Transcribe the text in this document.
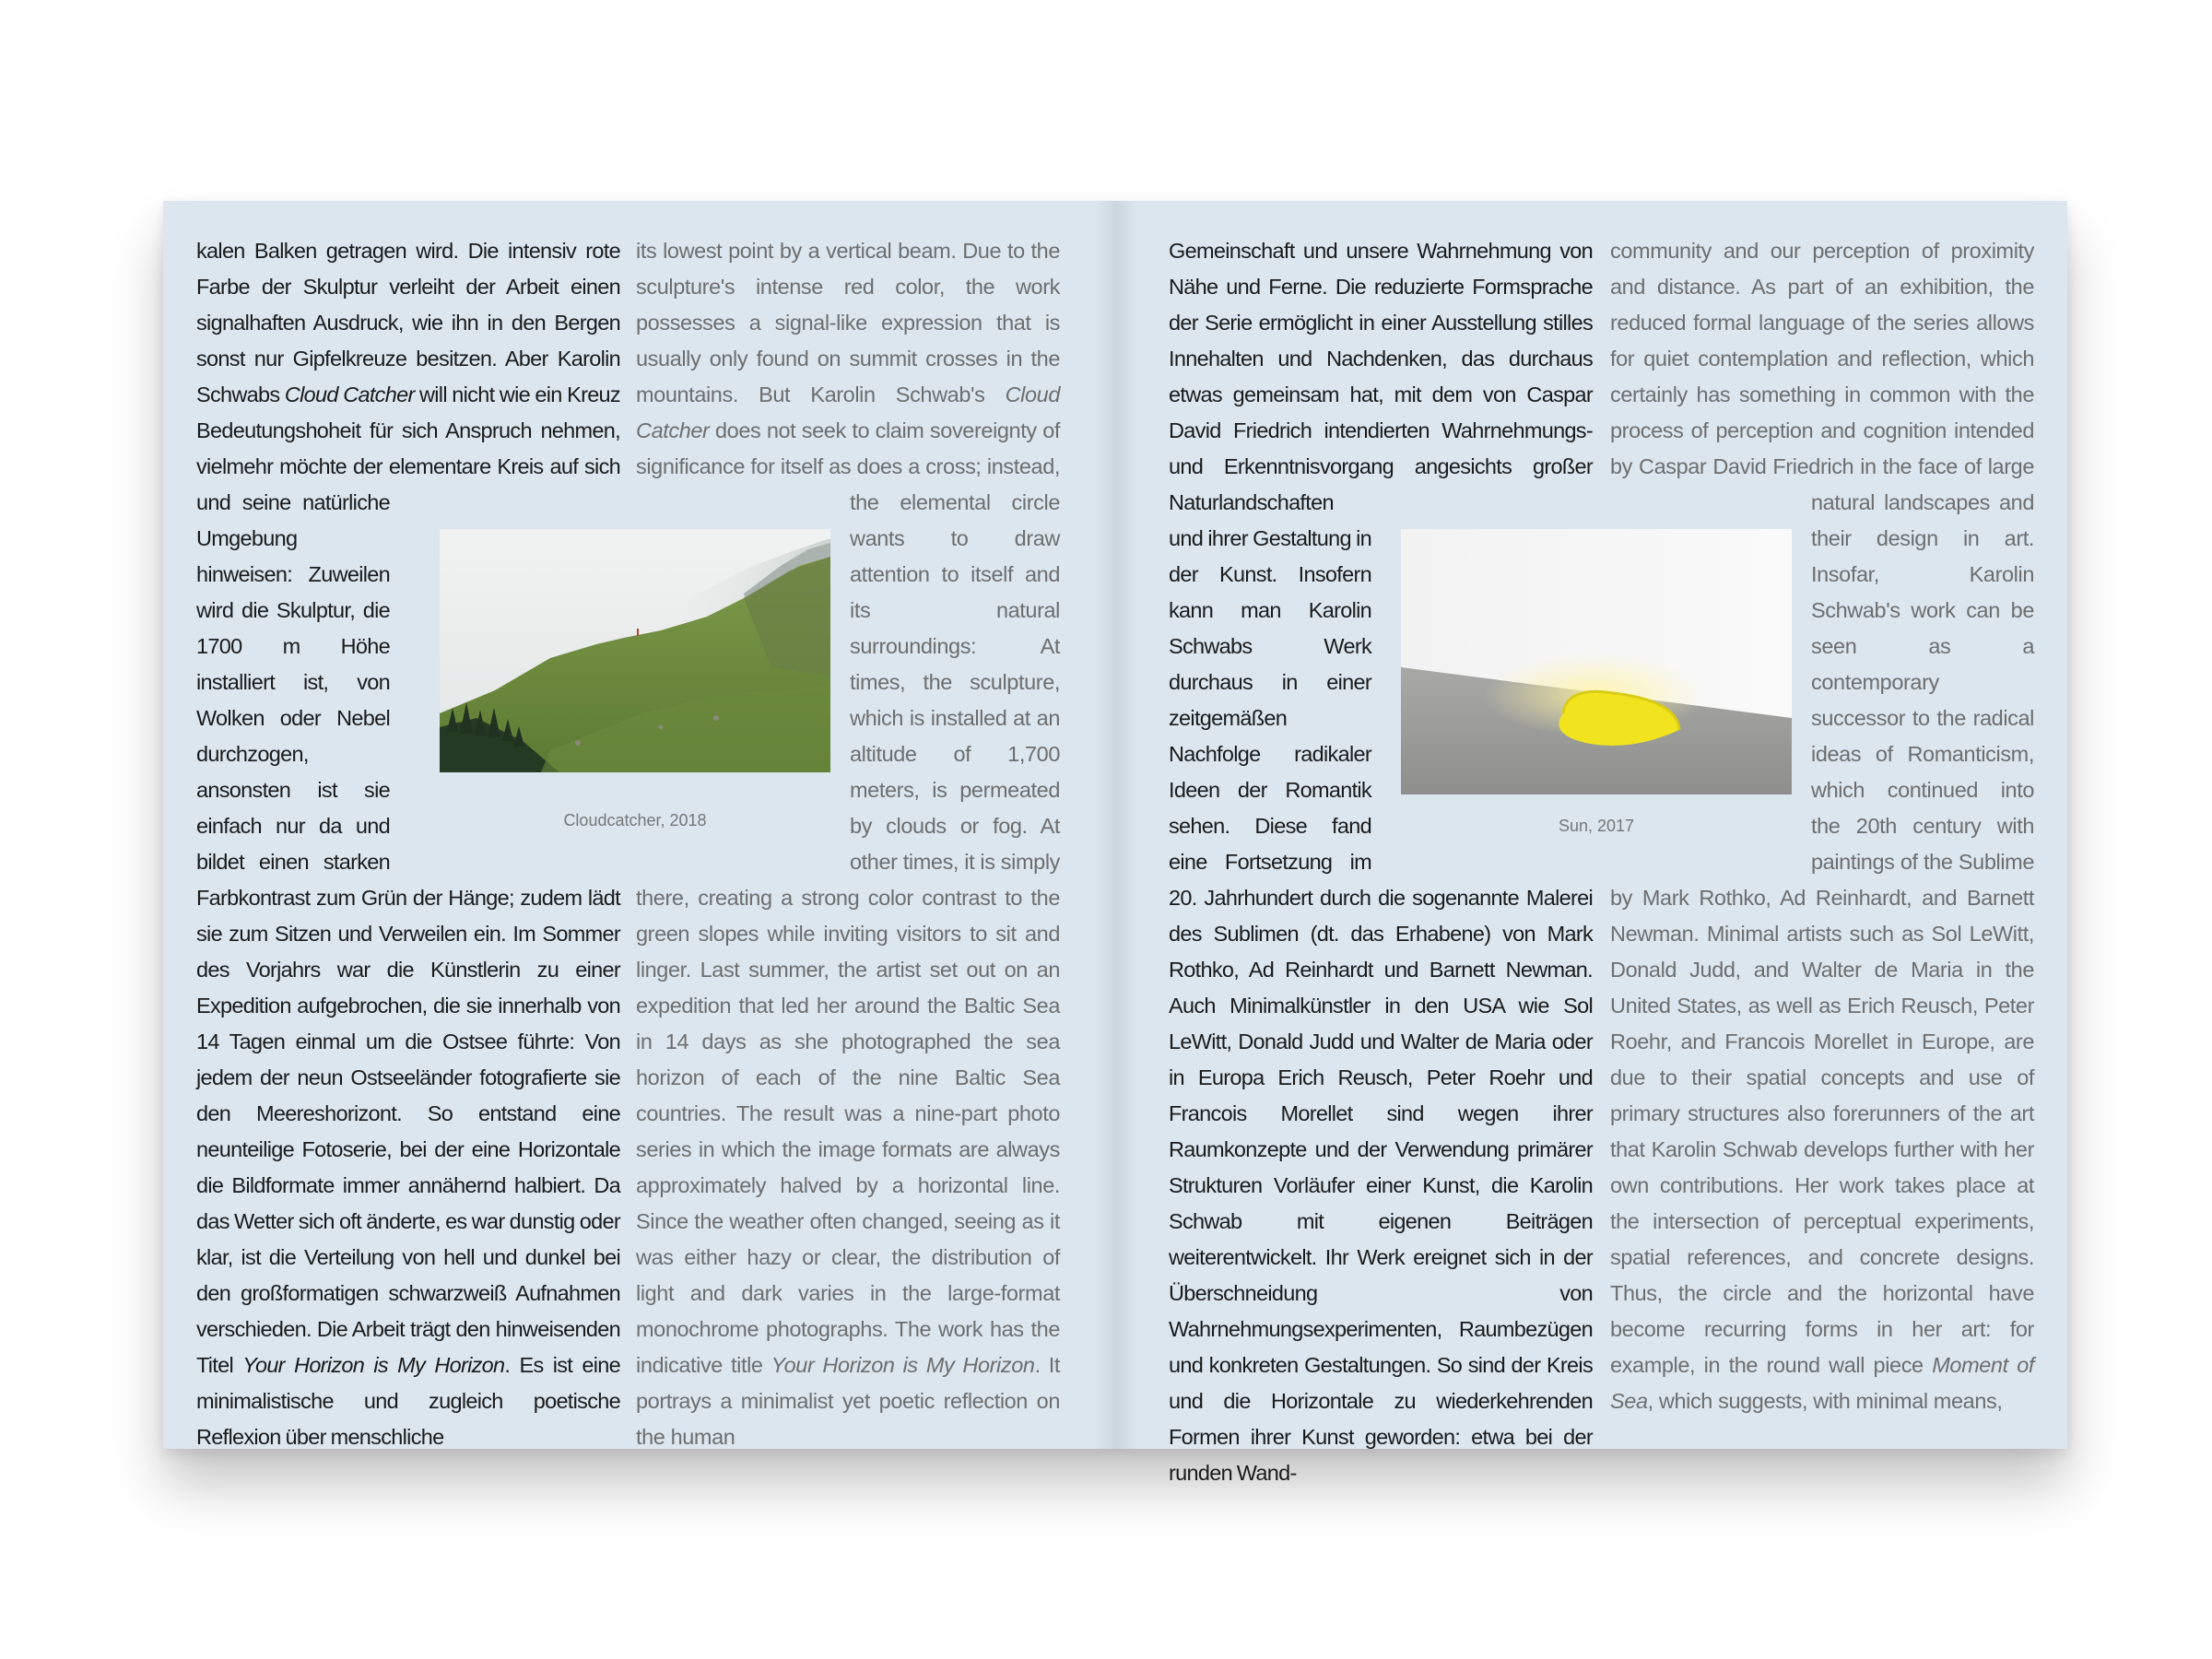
kalen Balken getragen wird. Die intensiv rote Farbe der Skulptur verleiht der Arbeit einen signalhaften Ausdruck, wie ihn in den Bergen sonst nur Gipfelkreuze besitzen. Aber Karolin Schwabs Cloud Catcher will nicht wie ein Kreuz Bedeutungshoheit für sich Anspruch nehmen, vielmehr möchte der elementare Kreis auf sich und seine natürliche Umgebung hinweisen: Zuweilen wird die Skulptur, die 1700 m Höhe installiert ist, von Wolken oder Nebel durchzogen, ansonsten ist sie einfach nur da und bildet einen starken Farbkontrast zum Grün der Hänge; zudem lädt sie zum Sitzen und Verweilen ein. Im Sommer des Vorjahrs war die Künstlerin zu einer Expedition aufgebrochen, die sie innerhalb von 14 Tagen einmal um die Ostsee führte: Von jedem der neun Ostseeländer fotografierte sie den Meereshorizont. So entstand eine neunteilige Fotoserie, bei der eine Horizontale die Bildformate immer annähernd halbiert. Da das Wetter sich oft änderte, es war dunstig oder klar, ist die Verteilung von hell und dunkel bei den großformatigen schwarzweiß Aufnahmen verschieden. Die Arbeit trägt den hinweisenden Titel Your Horizon is My Horizon. Es ist eine minimalistische und zugleich poetische Reflexion über menschliche

its lowest point by a vertical beam. Due to the sculpture's intense red color, the work possesses a signal-like expression that is usually only found on summit crosses in the mountains. But Karolin Schwab's Cloud Catcher does not seek to claim sovereignty of significance for itself as does a cross; instead, the elemental circle wants to draw attention to itself and its natural surroundings: At times, the sculpture, which is installed at an altitude of 1,700 meters, is permeated by clouds or fog. At other times, it is simply there, creating a strong color contrast to the green slopes while inviting visitors to sit and linger. Last summer, the artist set out on an expedition that led her around the Baltic Sea in 14 days as she photographed the sea horizon of each of the nine Baltic Sea countries. The result was a nine-part photo series in which the image formats are always approximately halved by a horizontal line. Since the weather often changed, seeing as it was either hazy or clear, the distribution of light and dark varies in the large-format monochrome photographs. The work has the indicative title Your Horizon is My Horizon. It portrays a minimalist yet poetic reflection on the human

Gemeinschaft und unsere Wahrnehmung von Nähe und Ferne. Die reduzierte Formsprache der Serie ermöglicht in einer Ausstellung stilles Innehalten und Nachdenken, das durchaus etwas gemeinsam hat, mit dem von Caspar David Friedrich intendierten Wahrnehmungs- und Erkenntnisvorgang angesichts großer Naturlandschaften und ihrer Gestaltung in der Kunst. Insofern kann man Karolin Schwabs Werk durchaus in einer zeitgemäßen Nachfolge radikaler Ideen der Romantik sehen. Diese fand eine Fortsetzung im 20. Jahrhundert durch die sogenannte Malerei des Sublimen (dt. das Erhabene) von Mark Rothko, Ad Reinhardt und Barnett Newman. Auch Minimalkünstler in den USA wie Sol LeWitt, Donald Judd und Walter de Maria oder in Europa Erich Reusch, Peter Roehr und Francois Morellet sind wegen ihrer Raumkonzepte und der Verwendung primärer Strukturen Vorläufer einer Kunst, die Karolin Schwab mit eigenen Beiträgen weiterentwickelt. Ihr Werk ereignet sich in der Überschneidung von Wahrnehmungsexperimenten, Raumbezügen und konkreten Gestaltungen. So sind der Kreis und die Horizontale zu wiederkehrenden Formen ihrer Kunst geworden: etwa bei der runden Wand-

community and our perception of proximity and distance. As part of an exhibition, the reduced formal language of the series allows for quiet contemplation and reflection, which certainly has something in common with the process of perception and cognition intended by Caspar David Friedrich in the face of large natural landscapes and their design in art. Insofar, Karolin Schwab's work can be seen as a contemporary successor to the radical ideas of Romanticism, which continued into the 20th century with paintings of the Sublime by Mark Rothko, Ad Reinhardt, and Barnett Newman. Minimal artists such as Sol LeWitt, Donald Judd, and Walter de Maria in the United States, as well as Erich Reusch, Peter Roehr, and Francois Morellet in Europe, are due to their spatial concepts and use of primary structures also forerunners of the art that Karolin Schwab develops further with her own contributions. Her work takes place at the intersection of perceptual experiments, spatial references, and concrete designs. Thus, the circle and the horizontal have become recurring forms in her art: for example, in the round wall piece Moment of Sea, which suggests, with minimal means,

Cloudcatcher, 2018	Sun, 2017
